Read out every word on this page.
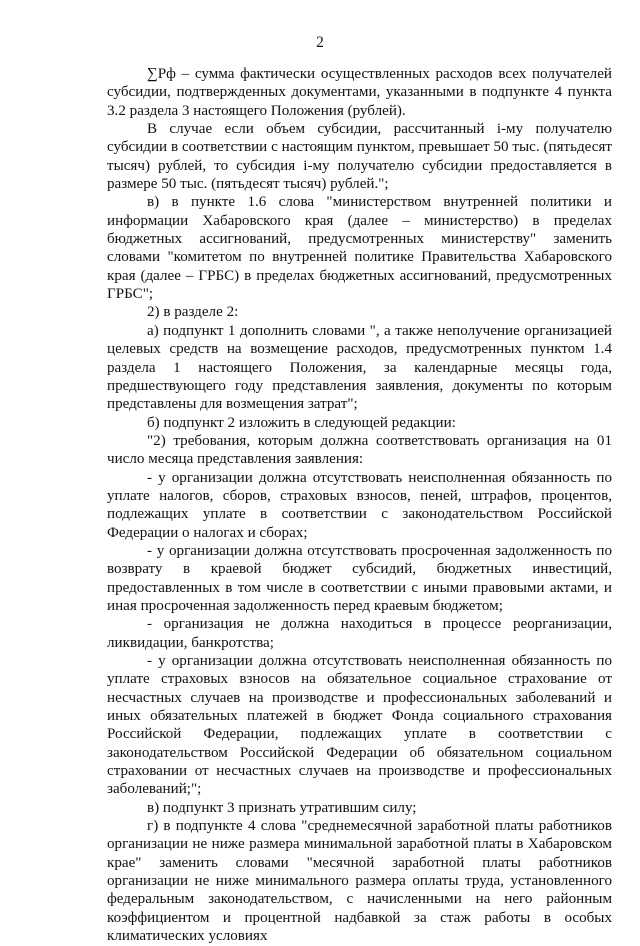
2

∑Рф – сумма фактически осуществленных расходов всех получателей субсидии, подтвержденных документами, указанными в подпункте 4 пункта 3.2 раздела 3 настоящего Положения (рублей).

В случае если объем субсидии, рассчитанный i-му получателю субсидии в соответствии с настоящим пунктом, превышает 50 тыс. (пятьдесят тысяч) рублей, то субсидия i-му получателю субсидии предоставляется в размере 50 тыс. (пятьдесят тысяч) рублей.";

в) в пункте 1.6 слова "министерством внутренней политики и информации Хабаровского края (далее – министерство) в пределах бюджетных ассигнований, предусмотренных министерству" заменить словами "комитетом по внутренней политике Правительства Хабаровского края (далее – ГРБС) в пределах бюджетных ассигнований, предусмотренных ГРБС";

2) в разделе 2:

а) подпункт 1 дополнить словами ", а также неполучение организацией целевых средств на возмещение расходов, предусмотренных пунктом 1.4 раздела 1 настоящего Положения, за календарные месяцы года, предшествующего году представления заявления, документы по которым представлены для возмещения затрат";

б) подпункт 2 изложить в следующей редакции:

"2) требования, которым должна соответствовать организация на 01 число месяца представления заявления:

- у организации должна отсутствовать неисполненная обязанность по уплате налогов, сборов, страховых взносов, пеней, штрафов, процентов, подлежащих уплате в соответствии с законодательством Российской Федерации о налогах и сборах;

- у организации должна отсутствовать просроченная задолженность по возврату в краевой бюджет субсидий, бюджетных инвестиций, предоставленных в том числе в соответствии с иными правовыми актами, и иная просроченная задолженность перед краевым бюджетом;

- организация не должна находиться в процессе реорганизации, ликвидации, банкротства;

- у организации должна отсутствовать неисполненная обязанность по уплате страховых взносов на обязательное социальное страхование от несчастных случаев на производстве и профессиональных заболеваний и иных обязательных платежей в бюджет Фонда социального страхования Российской Федерации, подлежащих уплате в соответствии с законодательством Российской Федерации об обязательном социальном страховании от несчастных случаев на производстве и профессиональных заболеваний;";

в) подпункт 3 признать утратившим силу;

г) в подпункте 4 слова "среднемесячной заработной платы работников организации не ниже размера минимальной заработной платы в Хабаровском крае" заменить словами "месячной заработной платы работников организации не ниже минимального размера оплаты труда, установленного федеральным законодательством, с начисленными на него районным коэффициентом и процентной надбавкой за стаж работы в особых климатических условиях
